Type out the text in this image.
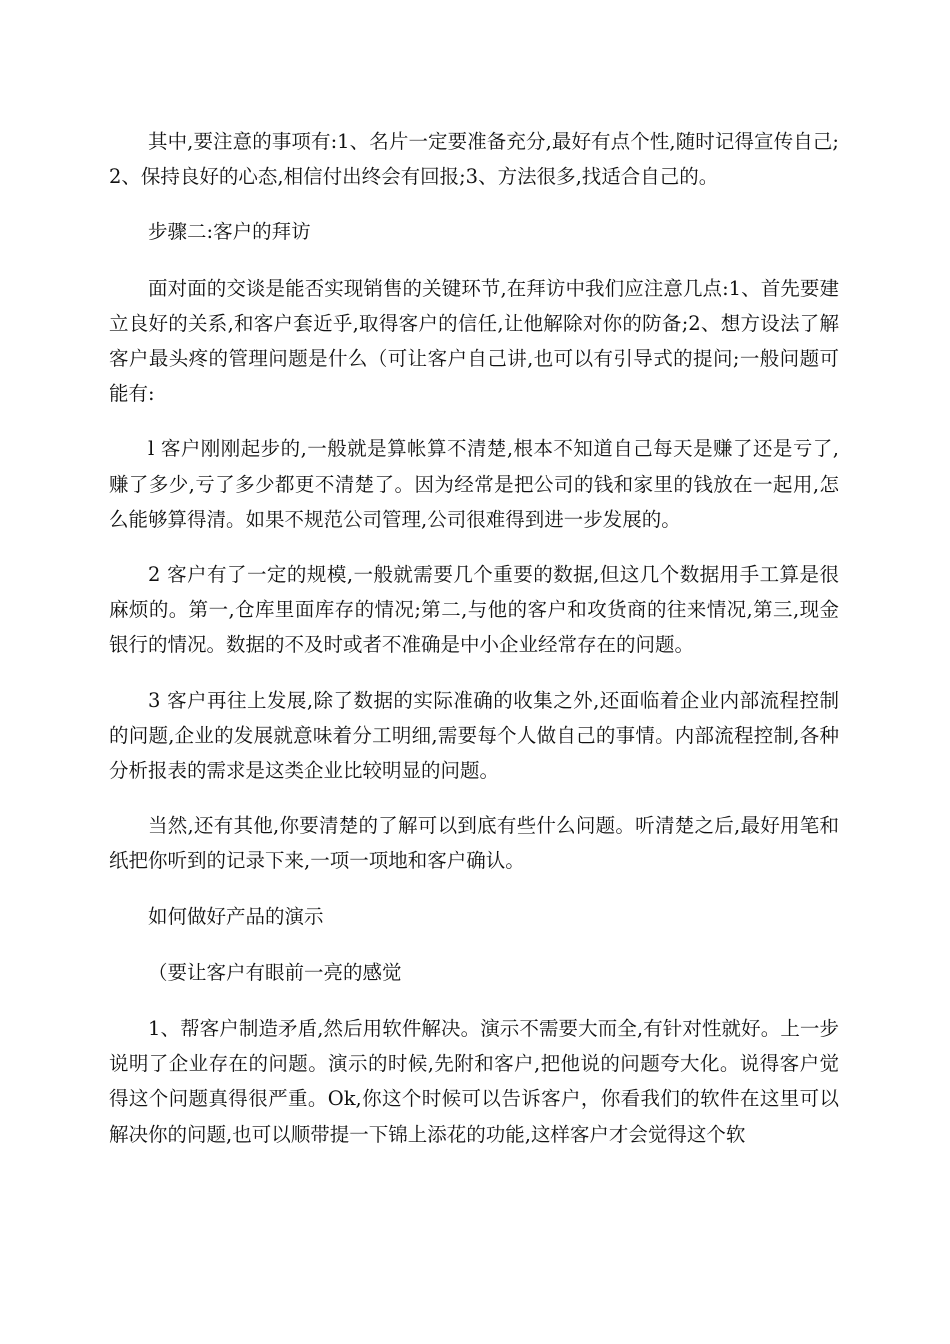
其中,要注意的事项有:1、名片一定要准备充分,最好有点个性,随时记得宣传自己;2、保持良好的心态,相信付出终会有回报;3、方法很多,找适合自己的。

步骤二:客户的拜访

面对面的交谈是能否实现销售的关键环节,在拜访中我们应注意几点:1、首先要建立良好的关系,和客户套近乎,取得客户的信任,让他解除对你的防备;2、想方设法了解客户最头疼的管理问题是什么（可让客户自己讲,也可以有引导式的提问;一般问题可能有:

l 客户刚刚起步的,一般就是算帐算不清楚,根本不知道自己每天是赚了还是亏了,赚了多少,亏了多少都更不清楚了。因为经常是把公司的钱和家里的钱放在一起用,怎么能够算得清。如果不规范公司管理,公司很难得到进一步发展的。

2 客户有了一定的规模,一般就需要几个重要的数据,但这几个数据用手工算是很麻烦的。第一,仓库里面库存的情况;第二,与他的客户和攻货商的往来情况,第三,现金银行的情况。数据的不及时或者不准确是中小企业经常存在的问题。

3 客户再往上发展,除了数据的实际准确的收集之外,还面临着企业内部流程控制的问题,企业的发展就意味着分工明细,需要每个人做自己的事情。内部流程控制,各种分析报表的需求是这类企业比较明显的问题。

当然,还有其他,你要清楚的了解可以到底有些什么问题。听清楚之后,最好用笔和纸把你听到的记录下来,一项一项地和客户确认。

如何做好产品的演示

（要让客户有眼前一亮的感觉

1、帮客户制造矛盾,然后用软件解决。演示不需要大而全,有针对性就好。上一步说明了企业存在的问题。演示的时候,先附和客户,把他说的问题夸大化。说得客户觉得这个问题真得很严重。Ok,你这个时候可以告诉客户，你看我们的软件在这里可以解决你的问题,也可以顺带提一下锦上添花的功能,这样客户才会觉得这个软
